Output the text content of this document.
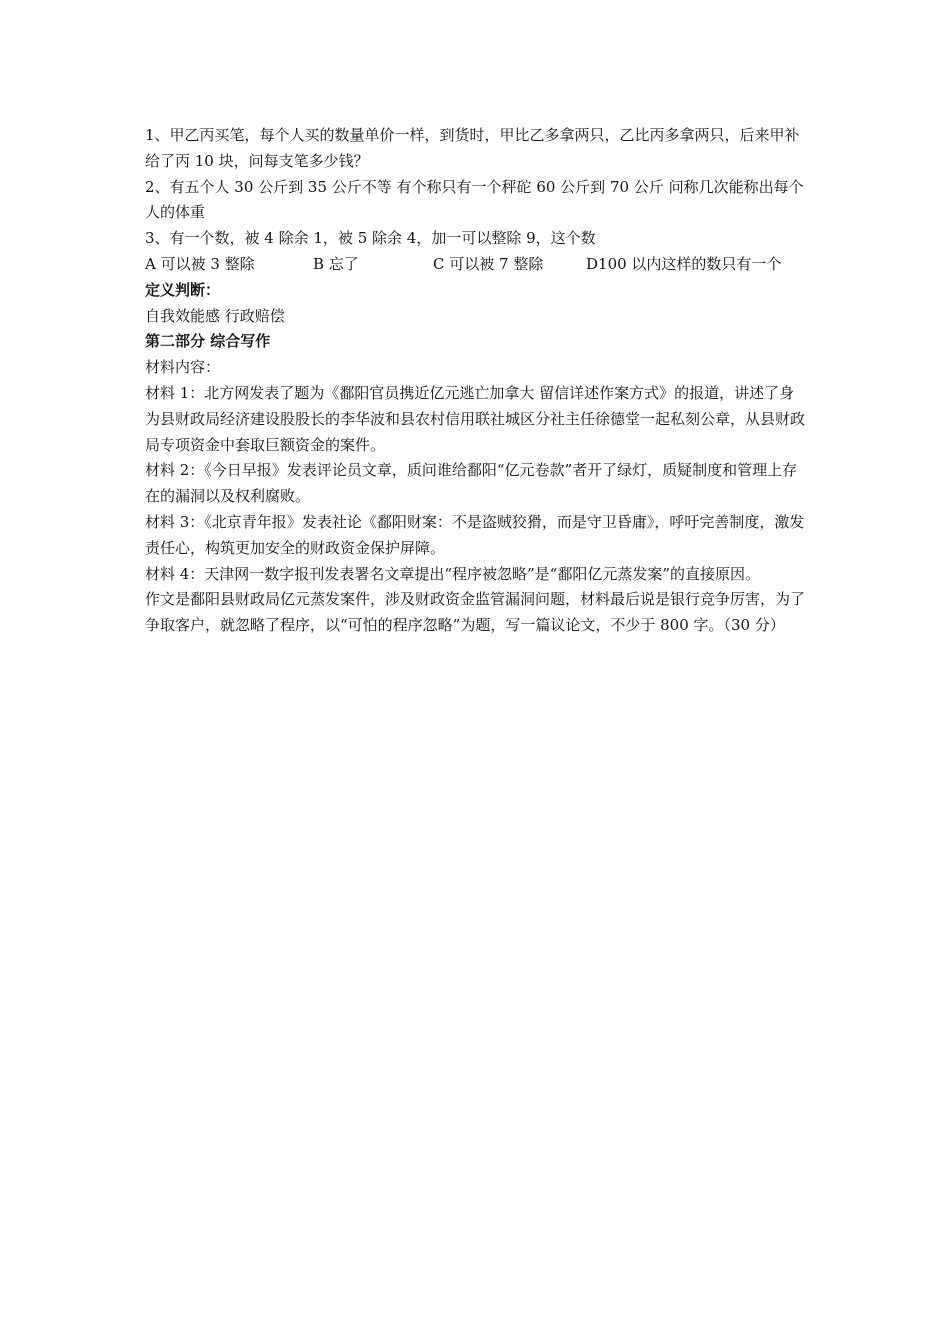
1、甲乙丙买笔，每个人买的数量单价一样，到货时，甲比乙多拿两只，乙比丙多拿两只，后来甲补给了丙 10 块，问每支笔多少钱？
2、有五个人 30 公斤到 35 公斤不等 有个称只有一个秤砣 60 公斤到 70 公斤 问称几次能称出每个人的体重
3、有一个数，被 4 除余 1，被 5 除余 4，加一可以整除 9，这个数
A 可以被 3 整除	B 忘了	C 可以被 7 整除	D100 以内这样的数只有一个
定义判断：
自我效能感 行政赔偿
第二部分 综合写作
材料内容：
材料 1：北方网发表了题为《鄱阳官员携近亿元逃亡加拿大 留信详述作案方式》的报道，讲述了身为县财政局经济建设股股长的李华波和县农村信用联社城区分社主任徐德堂一起私刻公章，从县财政局专项资金中套取巨额资金的案件。
材料 2：《今日早报》发表评论员文章，质问谁给鄱阳“亿元卷款”者开了绿灯，质疑制度和管理上存在的漏洞以及权利腐败。
材料 3：《北京青年报》发表社论《鄱阳财案：不是盗贼狡猾，而是守卫昏庸》，呼吁完善制度，激发责任心，构筑更加安全的财政资金保护屏障。
材料 4：天津网一数字报刊发表署名文章提出“程序被忽略”是“鄱阳亿元蒸发案”的直接原因。
作文是鄱阳县财政局亿元蒸发案件，涉及财政资金监管漏洞问题，材料最后说是银行竞争厉害，为了争取客户，就忽略了程序，以“可怕的程序忽略”为题，写一篇议论文，不少于 800 字。（30 分）
